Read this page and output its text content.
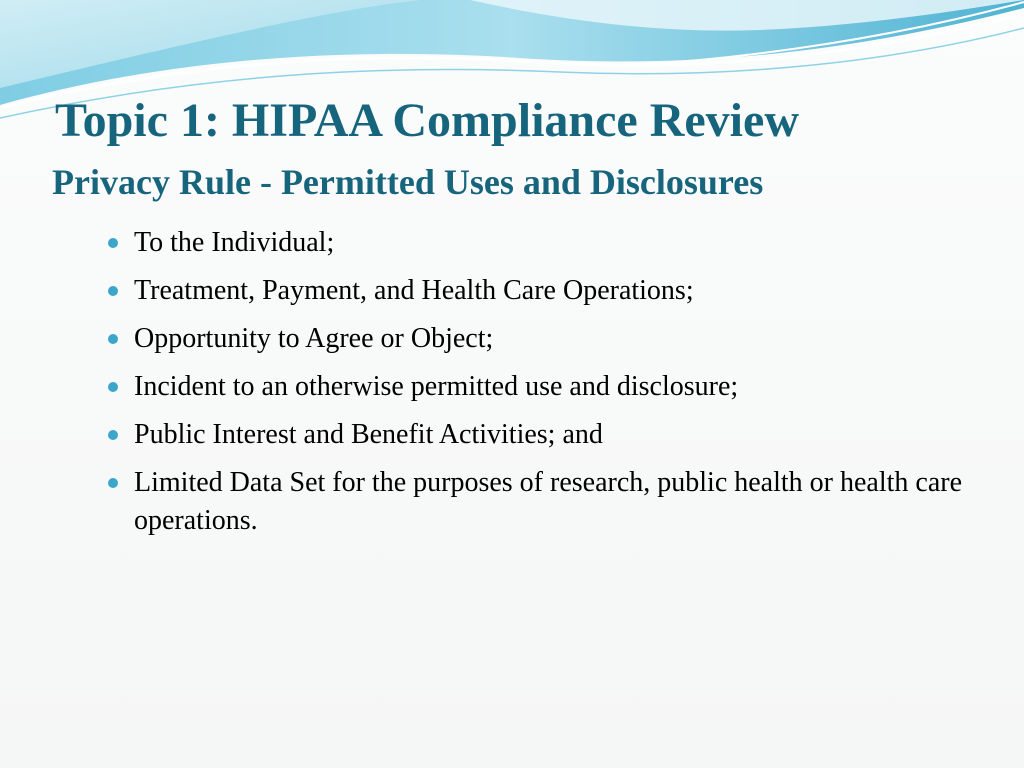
Topic 1: HIPAA Compliance Review
Privacy Rule - Permitted Uses and Disclosures
To the Individual;
Treatment, Payment, and Health Care Operations;
Opportunity to Agree or Object;
Incident to an otherwise permitted use and disclosure;
Public Interest and Benefit Activities; and
Limited Data Set for the purposes of research, public health or health care operations.
